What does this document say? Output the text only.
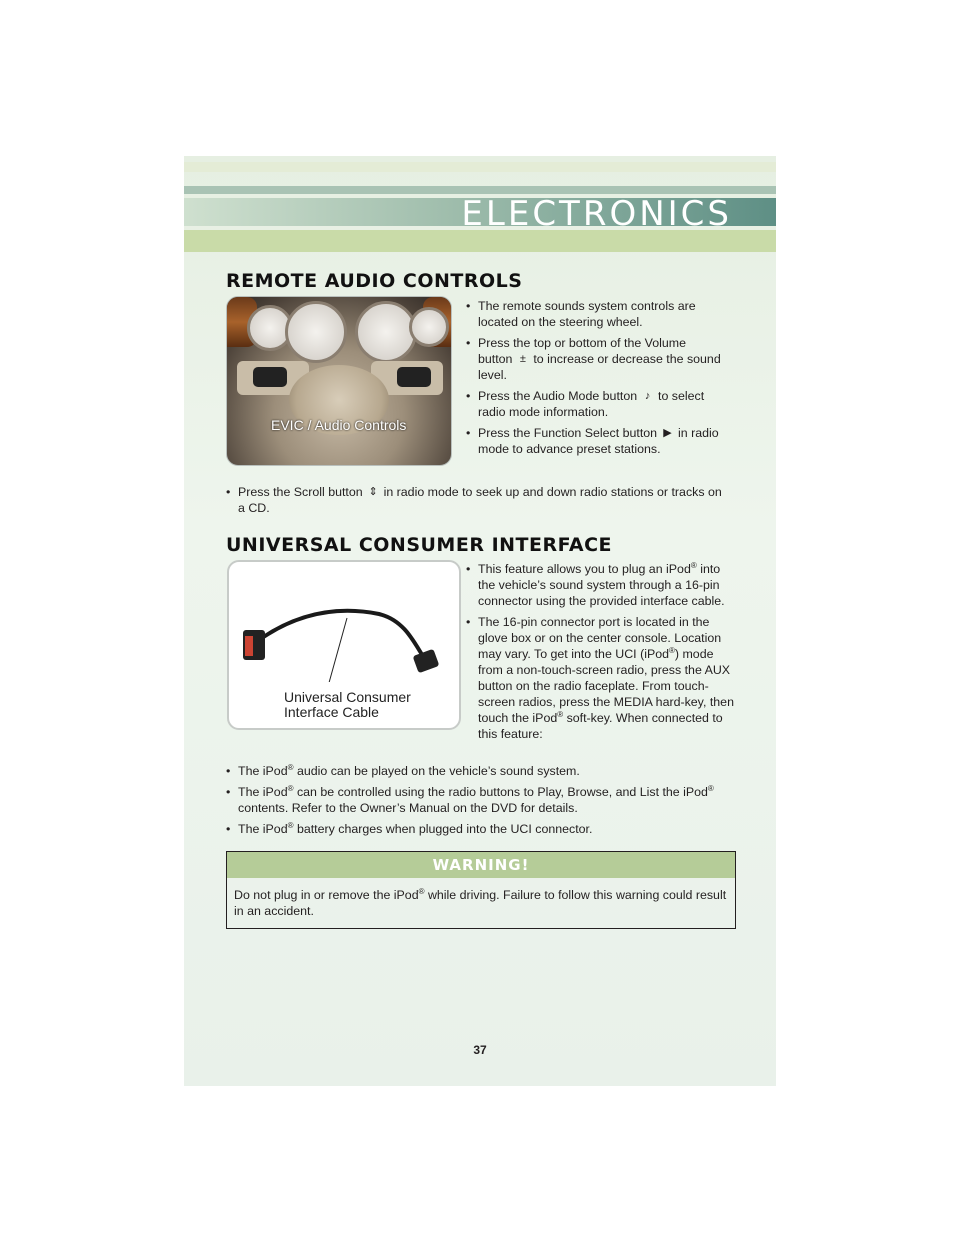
ELECTRONICS
REMOTE AUDIO CONTROLS
EVIC / Audio Controls
• The remote sounds system controls are located on the steering wheel.
• Press the top or bottom of the Volume
button ± to increase or decrease the sound level.
• Press the Audio Mode button ♪ to select radio mode information.
• Press the Function Select button ▶ in radio mode to advance preset stations.
• Press the Scroll button ⇕ in radio mode to seek up and down radio stations or tracks on a CD.
UNIVERSAL CONSUMER INTERFACE
Universal Consumer
Interface Cable
• This feature allows you to plug an iPod® into the vehicle’s sound system through a 16-pin connector using the provided interface cable.
• The 16-pin connector port is located in the glove box or on the center console. Location may vary. To get into the UCI (iPod®) mode from a non-touch-screen radio, press the AUX button on the radio faceplate. From touch-screen radios, press the MEDIA hard-key, then touch the iPod® soft-key. When connected to this feature:
• The iPod® audio can be played on the vehicle’s sound system.
• The iPod® can be controlled using the radio buttons to Play, Browse, and List the iPod® contents. Refer to the Owner’s Manual on the DVD for details.
• The iPod® battery charges when plugged into the UCI connector.
WARNING!
Do not plug in or remove the iPod® while driving. Failure to follow this warning could result in an accident.
37
